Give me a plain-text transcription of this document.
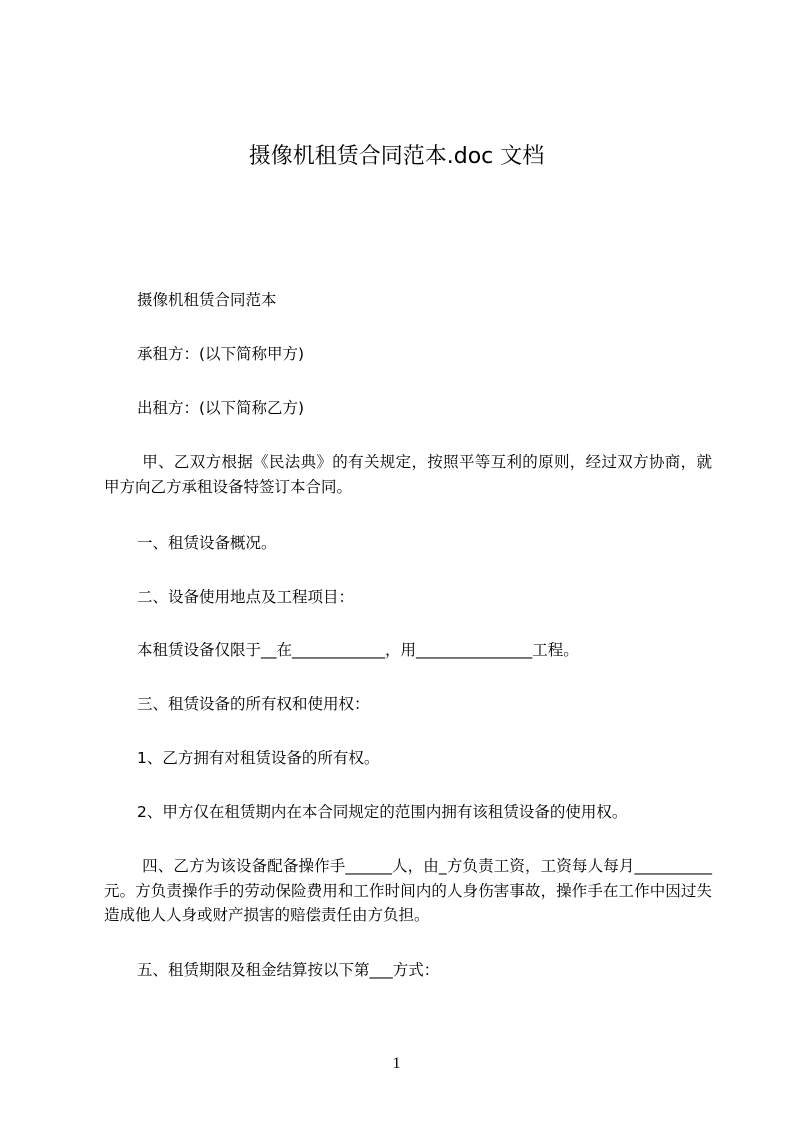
摄像机租赁合同范本.doc 文档
摄像机租赁合同范本
承租方：(以下简称甲方)
出租方：(以下简称乙方)
甲、乙双方根据《民法典》的有关规定，按照平等互利的原则，经过双方协商，就甲方向乙方承租设备特签订本合同。
一、租赁设备概况。
二、设备使用地点及工程项目：
本租赁设备仅限于__在____________，用_______________工程。
三、租赁设备的所有权和使用权：
1、乙方拥有对租赁设备的所有权。
2、甲方仅在租赁期内在本合同规定的范围内拥有该租赁设备的使用权。
四、乙方为该设备配备操作手______人，由_方负责工资，工资每人每月__________元。方负责操作手的劳动保险费用和工作时间内的人身伤害事故，操作手在工作中因过失造成他人人身或财产损害的赔偿责任由方负担。
五、租赁期限及租金结算按以下第___方式：
1
